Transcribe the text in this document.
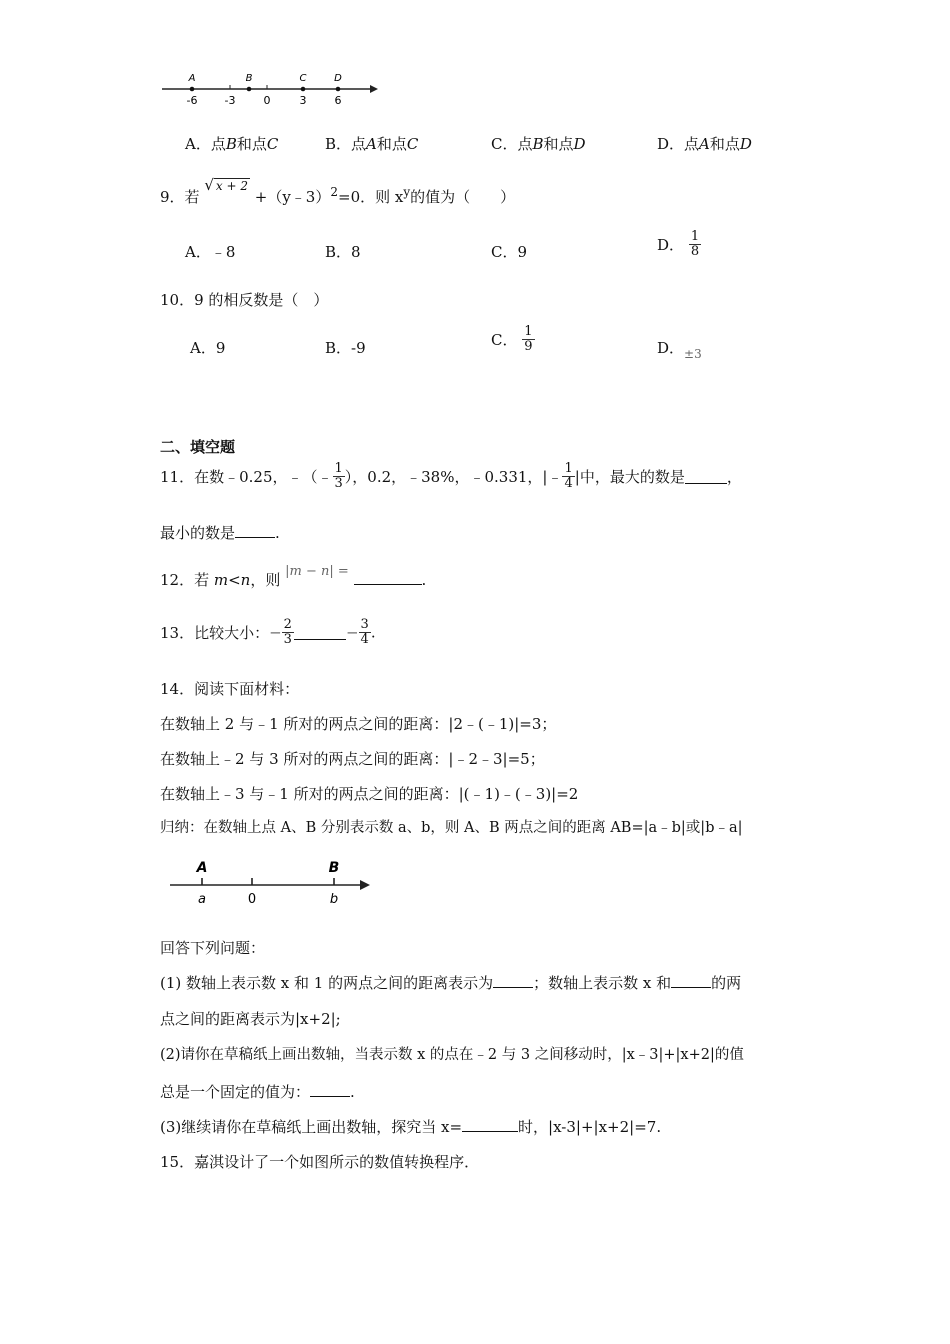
A	B	C	D
-6 -3	0	3	6
A．点B和点C	B．点A和点C	C．点B和点D	D．点A和点D
9．若 √ x + 2 +（y﹣3）$^2$=0．则 $x^y$的值为（　　）
A．﹣8	B．8	C．9	D． $\frac{1}{8}$
10．9 的相反数是（　）
A．9	B．-9	C． $\frac{1}{9}$	D．$_{\pm 3}$
二、填空题
11．在数﹣0.25，﹣（﹣ $\frac{1}{3}$ ），0.2，﹣38%，﹣0.331，|﹣ $\frac{1}{4}$ |中，最大的数是	，
最小的数是	.
12．若 m<n，则 |m − n| =	.
13．比较大小：− $\frac{2}{3}$	− $\frac{3}{4}$ .
14．阅读下面材料：
在数轴上 2 与﹣1 所对的两点之间的距离：|2﹣(﹣1)|=3；
在数轴上﹣2 与 3 所对的两点之间的距离：|﹣2﹣3|=5；
在数轴上﹣3 与﹣1 所对的两点之间的距离：|(﹣1)﹣(﹣3)|=2
归纳：在数轴上点 A、B 分别表示数 a、b，则 A、B 两点之间的距离 AB=|a﹣b|或|b﹣a|
A
a	0
B
b
回答下列问题：
(1) 数轴上表示数 x 和 1 的两点之间的距离表示为	；数轴上表示数 x 和	的两
点之间的距离表示为|x+2|;
(2)请你在草稿纸上画出数轴，当表示数 x 的点在﹣2 与 3 之间移动时，|x﹣3|+|x+2|的值
总是一个固定的值为：	.
(3)继续请你在草稿纸上画出数轴，探究当 x=	时，|x-3|+|x+2|=7.
15．嘉淇设计了一个如图所示的数值转换程序．
